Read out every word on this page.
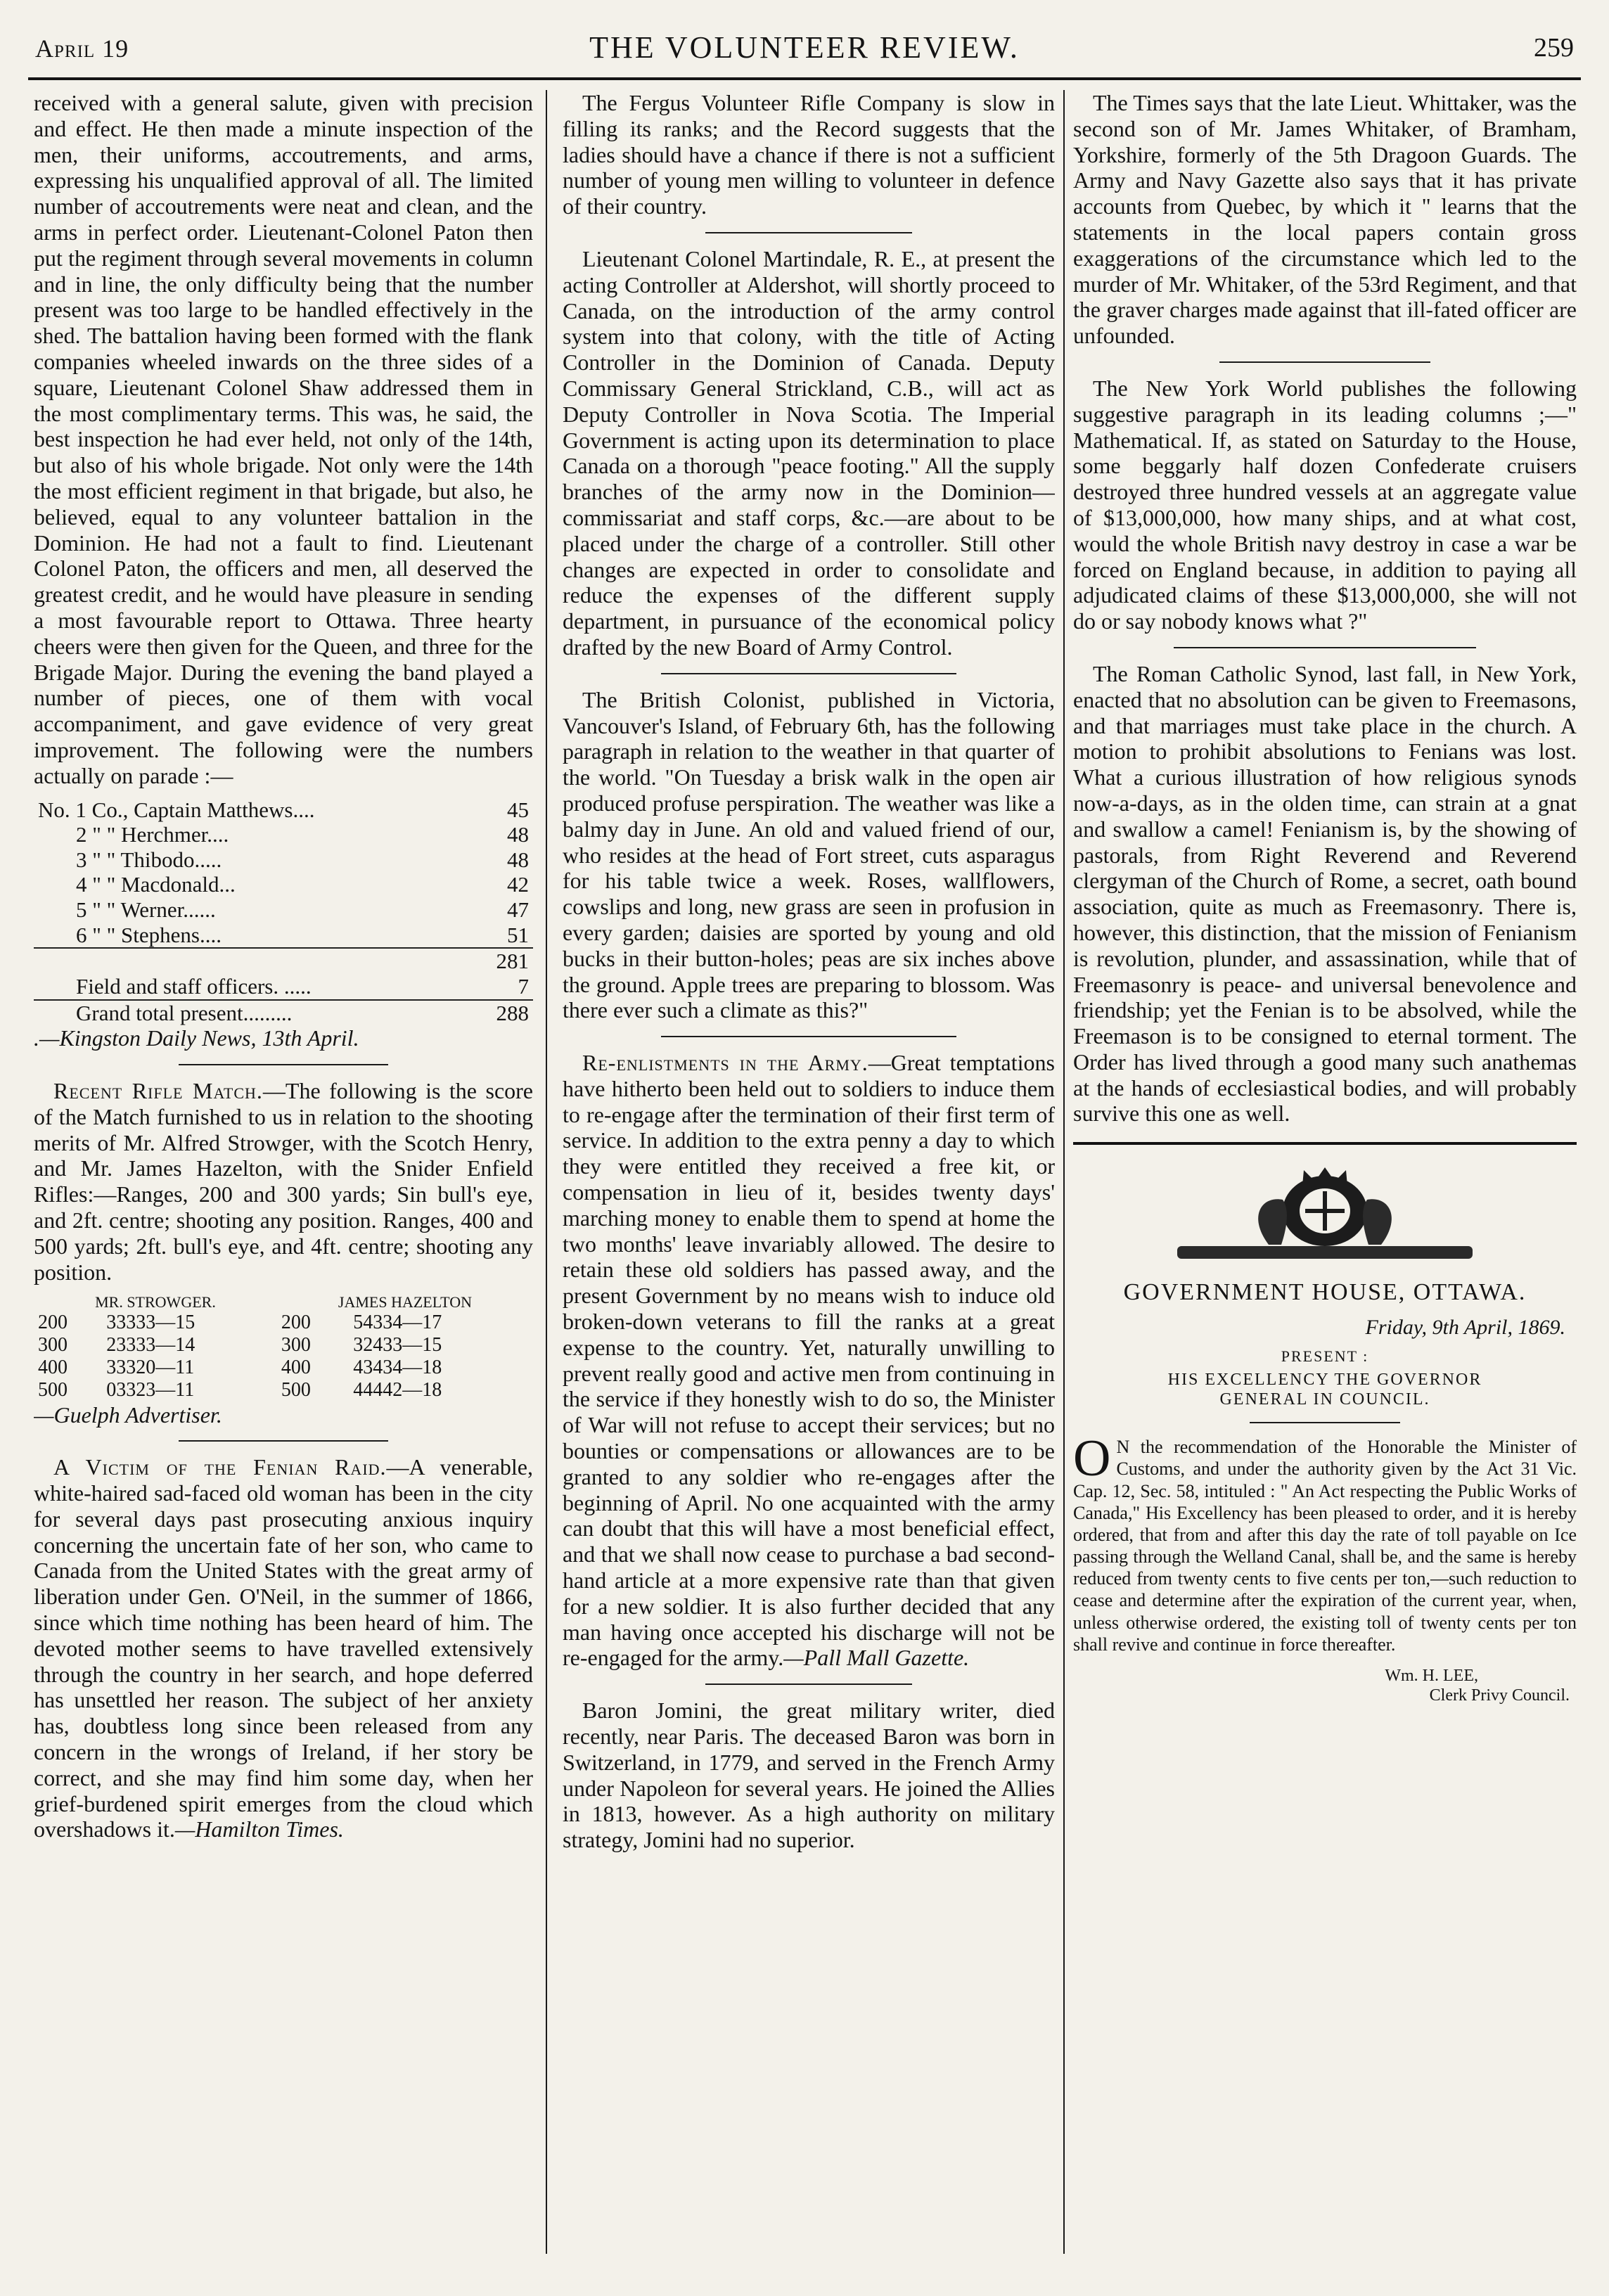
April 19	THE VOLUNTEER REVIEW.	259

received with a general salute, given with precision and effect. He then made a minute inspection of the men, their uniforms, accoutrements, and arms, expressing his unqualified approval of all. The limited number of accoutrements were neat and clean, and the arms in perfect order. Lieutenant-Colonel Paton then put the regiment through several movements in column and in line, the only difficulty being that the number present was too large to be handled effectively in the shed. The battalion having been formed with the flank companies wheeled inwards on the three sides of a square, Lieutenant Colonel Shaw addressed them in the most complimentary terms. This was, he said, the best inspection he had ever held, not only of the 14th, but also of his whole brigade. Not only were the 14th the most efficient regiment in that brigade, but also, he believed, equal to any volunteer battalion in the Dominion. He had not a fault to find. Lieutenant Colonel Paton, the officers and men, all deserved the greatest credit, and he would have pleasure in sending a most favourable report to Ottawa. Three hearty cheers were then given for the Queen, and three for the Brigade Major. During the evening the band played a number of pieces, one of them with vocal accompaniment, and gave evidence of very great improvement. The following were the numbers actually on parade :—

No. 1 Co., Captain Matthews....	45
2 " " Herchmer....	48
3 " " Thibodo.....	48
4 " " Macdonald...	42
5 " " Werner......	47
6 " " Stephens....	51
	281
Field and staff officers. .....	7
Grand total present.........	288

.—Kingston Daily News, 13th April.

Recent Rifle Match.—The following is the score of the Match furnished to us in relation to the shooting merits of Mr. Alfred Strowger, with the Scotch Henry, and Mr. James Hazelton, with the Snider Enfield Rifles:—Ranges, 200 and 300 yards; Sin bull's eye, and 2ft. centre; shooting any position. Ranges, 400 and 500 yards; 2ft. bull's eye, and 4ft. centre; shooting any position.

MR. STROWGER.		JAMES HAZELTON	
200	33333—15	200	54334—17
300	23333—14	300	32433—15
400	33320—11	400	43434—18
500	03323—11	500	44442—18

—Guelph Advertiser.

A Victim of the Fenian Raid.—A venerable, white-haired sad-faced old woman has been in the city for several days past prosecuting anxious inquiry concerning the uncertain fate of her son, who came to Canada from the United States with the great army of liberation under Gen. O'Neil, in the summer of 1866, since which time nothing has been heard of him. The devoted mother seems to have travelled extensively through the country in her search, and hope deferred has unsettled her reason. The subject of her anxiety has, doubtless long since been released from any concern in the wrongs of Ireland, if her story be correct, and she may find him some day, when her grief-burdened spirit emerges from the cloud which overshadows it.—Hamilton Times.

The Fergus Volunteer Rifle Company is slow in filling its ranks; and the Record suggests that the ladies should have a chance if there is not a sufficient number of young men willing to volunteer in defence of their country.

Lieutenant Colonel Martindale, R. E., at present the acting Controller at Aldershot, will shortly proceed to Canada, on the introduction of the army control system into that colony, with the title of Acting Controller in the Dominion of Canada. Deputy Commissary General Strickland, C.B., will act as Deputy Controller in Nova Scotia. The Imperial Government is acting upon its determination to place Canada on a thorough "peace footing." All the supply branches of the army now in the Dominion—commissariat and staff corps, &c.—are about to be placed under the charge of a controller. Still other changes are expected in order to consolidate and reduce the expenses of the different supply department, in pursuance of the economical policy drafted by the new Board of Army Control.

The British Colonist, published in Victoria, Vancouver's Island, of February 6th, has the following paragraph in relation to the weather in that quarter of the world. "On Tuesday a brisk walk in the open air produced profuse perspiration. The weather was like a balmy day in June. An old and valued friend of our, who resides at the head of Fort street, cuts asparagus for his table twice a week. Roses, wallflowers, cowslips and long, new grass are seen in profusion in every garden; daisies are sported by young and old bucks in their button-holes; peas are six inches above the ground. Apple trees are preparing to blossom. Was there ever such a climate as this?"

Re-enlistments in the Army.—Great temptations have hitherto been held out to soldiers to induce them to re-engage after the termination of their first term of service. In addition to the extra penny a day to which they were entitled they received a free kit, or compensation in lieu of it, besides twenty days' marching money to enable them to spend at home the two months' leave invariably allowed. The desire to retain these old soldiers has passed away, and the present Government by no means wish to induce old broken-down veterans to fill the ranks at a great expense to the country. Yet, naturally unwilling to prevent really good and active men from continuing in the service if they honestly wish to do so, the Minister of War will not refuse to accept their services; but no bounties or compensations or allowances are to be granted to any soldier who re-engages after the beginning of April. No one acquainted with the army can doubt that this will have a most beneficial effect, and that we shall now cease to purchase a bad second-hand article at a more expensive rate than that given for a new soldier. It is also further decided that any man having once accepted his discharge will not be re-engaged for the army.—Pall Mall Gazette.

Baron Jomini, the great military writer, died recently, near Paris. The deceased Baron was born in Switzerland, in 1779, and served in the French Army under Napoleon for several years. He joined the Allies in 1813, however. As a high authority on military strategy, Jomini had no superior.

The Times says that the late Lieut. Whittaker, was the second son of Mr. James Whitaker, of Bramham, Yorkshire, formerly of the 5th Dragoon Guards. The Army and Navy Gazette also says that it has private accounts from Quebec, by which it " learns that the statements in the local papers contain gross exaggerations of the circumstance which led to the murder of Mr. Whitaker, of the 53rd Regiment, and that the graver charges made against that ill-fated officer are unfounded.

The New York World publishes the following suggestive paragraph in its leading columns ;—" Mathematical. If, as stated on Saturday to the House, some beggarly half dozen Confederate cruisers destroyed three hundred vessels at an aggregate value of $13,000,000, how many ships, and at what cost, would the whole British navy destroy in case a war be forced on England because, in addition to paying all adjudicated claims of these $13,000,000, she will not do or say nobody knows what ?"

The Roman Catholic Synod, last fall, in New York, enacted that no absolution can be given to Freemasons, and that marriages must take place in the church. A motion to prohibit absolutions to Fenians was lost. What a curious illustration of how religious synods now-a-days, as in the olden time, can strain at a gnat and swallow a camel! Fenianism is, by the showing of pastorals, from Right Reverend and Reverend clergyman of the Church of Rome, a secret, oath bound association, quite as much as Freemasonry. There is, however, this distinction, that the mission of Fenianism is revolution, plunder, and assassination, while that of Freemasonry is peace- and universal benevolence and friendship; yet the Fenian is to be absolved, while the Freemason is to be consigned to eternal torment. The Order has lived through a good many such anathemas at the hands of ecclesiastical bodies, and will probably survive this one as well.

GOVERNMENT HOUSE, OTTAWA.
Friday, 9th April, 1869.
PRESENT :
HIS EXCELLENCY THE GOVERNOR
GENERAL IN COUNCIL.
O N the recommendation of the Honorable the Minister of Customs, and under the authority given by the Act 31 Vic. Cap. 12, Sec. 58, intituled : " An Act respecting the Public Works of Canada," His Excellency has been pleased to order, and it is hereby ordered, that from and after this day the rate of toll payable on Ice passing through the Welland Canal, shall be, and the same is hereby reduced from twenty cents to five cents per ton,—such reduction to cease and determine after the expiration of the current year, when, unless otherwise ordered, the existing toll of twenty cents per ton shall revive and continue in force thereafter.
Wm. H. LEE,
Clerk Privy Council.
